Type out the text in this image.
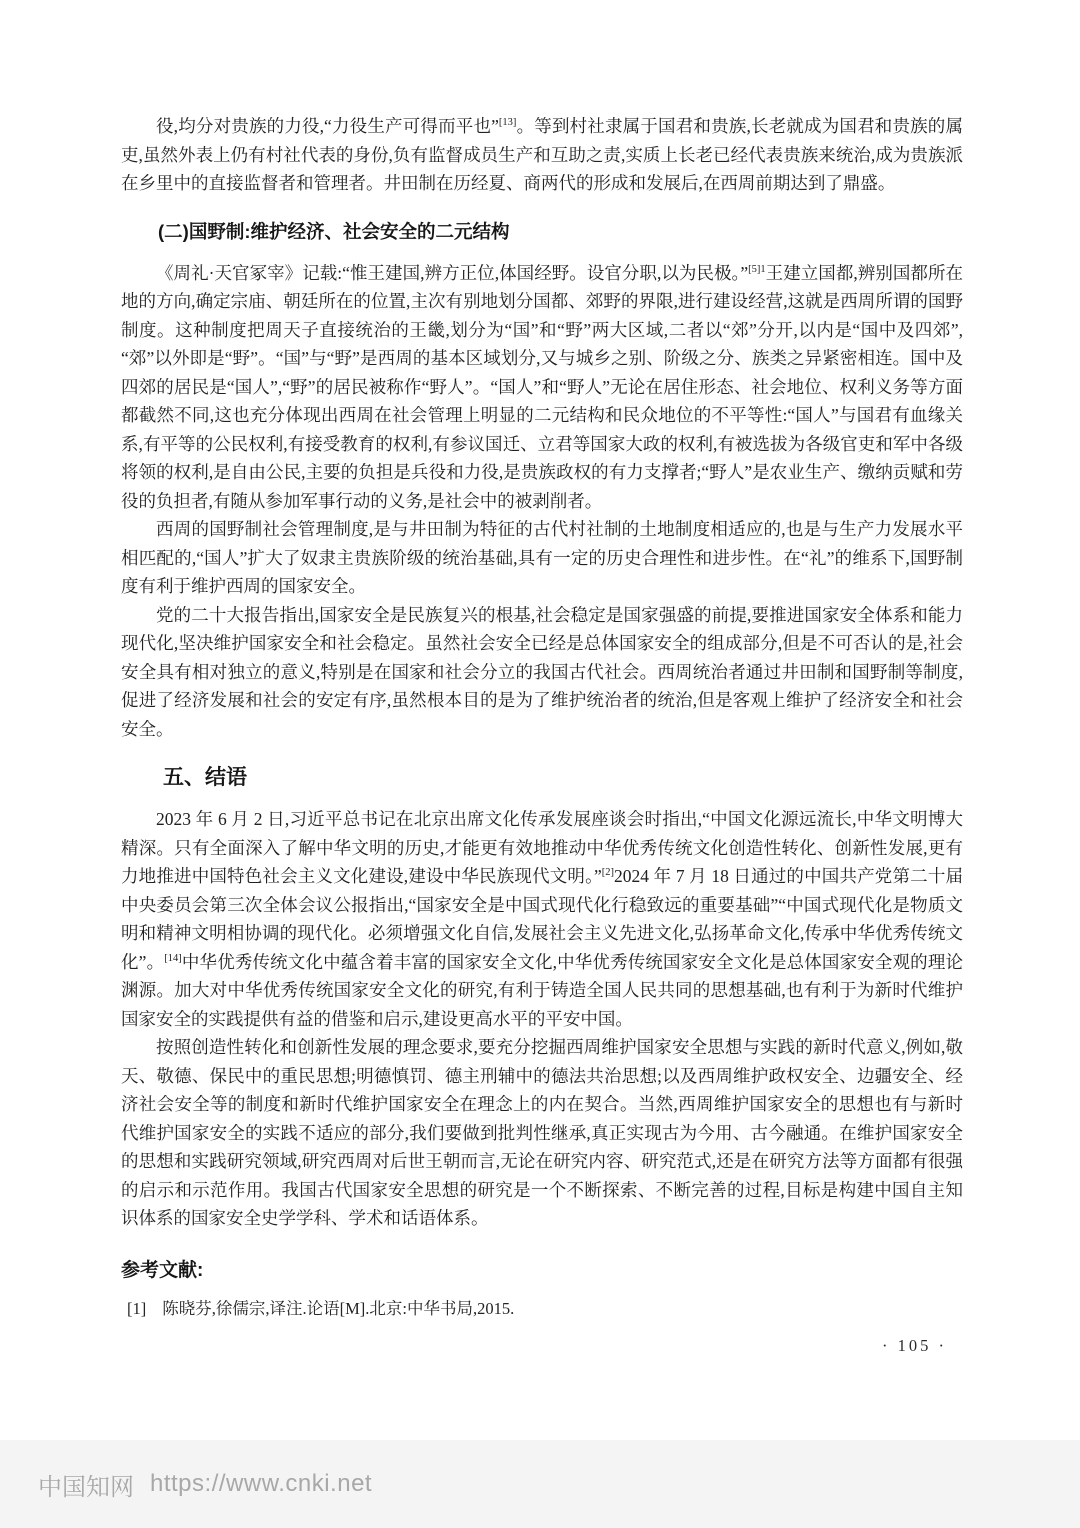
役,均分对贵族的力役,“力役生产可得而平也”[13]。等到村社隶属于国君和贵族,长老就成为国君和贵族的属吏,虽然外表上仍有村社代表的身份,负有监督成员生产和互助之责,实质上长老已经代表贵族来统治,成为贵族派在乡里中的直接监督者和管理者。井田制在历经夏、商两代的形成和发展后,在西周前期达到了鼎盛。

(二)国野制:维护经济、社会安全的二元结构

《周礼·天官冢宰》记载:“惟王建国,辨方正位,体国经野。设官分职,以为民极。”$^{[5]1}$王建立国都,辨别国都所在地的方向,确定宗庙、朝廷所在的位置,主次有别地划分国都、郊野的界限,进行建设经营,这就是西周所谓的国野制度。这种制度把周天子直接统治的王畿,划分为“国”和“野”两大区域,二者以“郊”分开,以内是“国中及四郊”,“郊”以外即是“野”。“国”与“野”是西周的基本区域划分,又与城乡之别、阶级之分、族类之异紧密相连。国中及四郊的居民是“国人”,“野”的居民被称作“野人”。“国人”和“野人”无论在居住形态、社会地位、权利义务等方面都截然不同,这也充分体现出西周在社会管理上明显的二元结构和民众地位的不平等性:“国人”与国君有血缘关系,有平等的公民权利,有接受教育的权利,有参议国迁、立君等国家大政的权利,有被选拔为各级官吏和军中各级将领的权利,是自由公民,主要的负担是兵役和力役,是贵族政权的有力支撑者;“野人”是农业生产、缴纳贡赋和劳役的负担者,有随从参加军事行动的义务,是社会中的被剥削者。

西周的国野制社会管理制度,是与井田制为特征的古代村社制的土地制度相适应的,也是与生产力发展水平相匹配的,“国人”扩大了奴隶主贵族阶级的统治基础,具有一定的历史合理性和进步性。在“礼”的维系下,国野制度有利于维护西周的国家安全。

党的二十大报告指出,国家安全是民族复兴的根基,社会稳定是国家强盛的前提,要推进国家安全体系和能力现代化,坚决维护国家安全和社会稳定。虽然社会安全已经是总体国家安全的组成部分,但是不可否认的是,社会安全具有相对独立的意义,特别是在国家和社会分立的我国古代社会。西周统治者通过井田制和国野制等制度,促进了经济发展和社会的安定有序,虽然根本目的是为了维护统治者的统治,但是客观上维护了经济安全和社会安全。

五、结语

2023 年 6 月 2 日,习近平总书记在北京出席文化传承发展座谈会时指出,“中国文化源远流长,中华文明博大精深。只有全面深入了解中华文明的历史,才能更有效地推动中华优秀传统文化创造性转化、创新性发展,更有力地推进中国特色社会主义文化建设,建设中华民族现代文明。”[2]2024 年 7 月 18 日通过的中国共产党第二十届中央委员会第三次全体会议公报指出,“国家安全是中国式现代化行稳致远的重要基础”“中国式现代化是物质文明和精神文明相协调的现代化。必须增强文化自信,发展社会主义先进文化,弘扬革命文化,传承中华优秀传统文化”。[14]中华优秀传统文化中蕴含着丰富的国家安全文化,中华优秀传统国家安全文化是总体国家安全观的理论渊源。加大对中华优秀传统国家安全文化的研究,有利于铸造全国人民共同的思想基础,也有利于为新时代维护国家安全的实践提供有益的借鉴和启示,建设更高水平的平安中国。

按照创造性转化和创新性发展的理念要求,要充分挖掘西周维护国家安全思想与实践的新时代意义,例如,敬天、敬德、保民中的重民思想;明德慎罚、德主刑辅中的德法共治思想;以及西周维护政权安全、边疆安全、经济社会安全等的制度和新时代维护国家安全在理念上的内在契合。当然,西周维护国家安全的思想也有与新时代维护国家安全的实践不适应的部分,我们要做到批判性继承,真正实现古为今用、古今融通。在维护国家安全的思想和实践研究领域,研究西周对后世王朝而言,无论在研究内容、研究范式,还是在研究方法等方面都有很强的启示和示范作用。我国古代国家安全思想的研究是一个不断探索、不断完善的过程,目标是构建中国自主知识体系的国家安全史学学科、学术和话语体系。

参考文献:
[1] 陈晓芬,徐儒宗,译注.论语[M].北京:中华书局,2015.
· 105 ·
中国知网 https://www.cnki.net
